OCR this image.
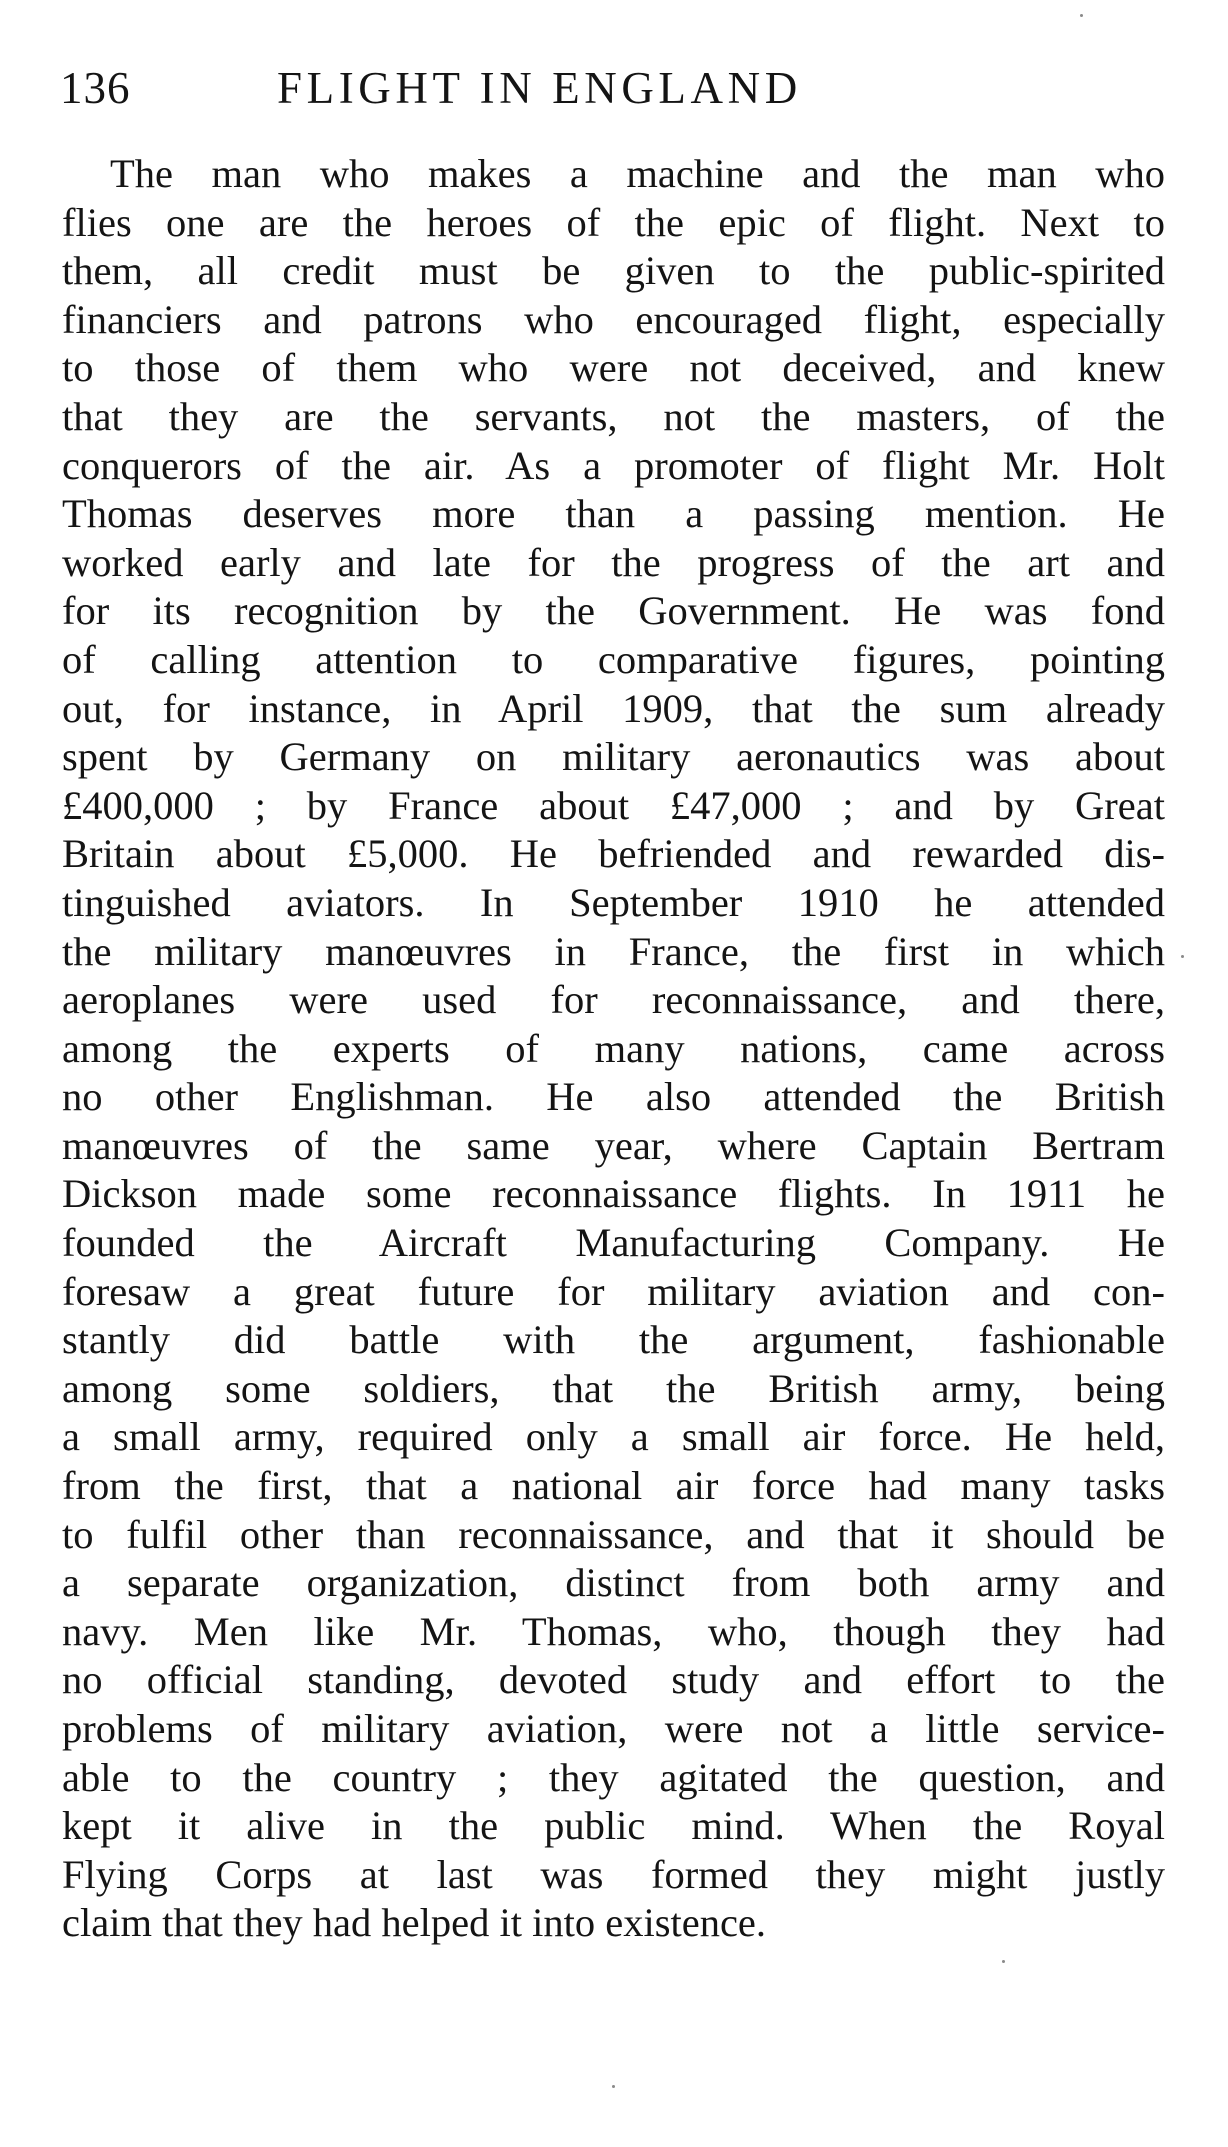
136	FLIGHT IN ENGLAND
The man who makes a machine and the man who
flies one are the heroes of the epic of flight. Next to
them, all credit must be given to the public-spirited
financiers and patrons who encouraged flight, especially
to those of them who were not deceived, and knew
that they are the servants, not the masters, of the
conquerors of the air. As a promoter of flight Mr. Holt
Thomas deserves more than a passing mention. He
worked early and late for the progress of the art and
for its recognition by the Government. He was fond
of calling attention to comparative figures, pointing
out, for instance, in April 1909, that the sum already
spent by Germany on military aeronautics was about
£400,000 ; by France about £47,000 ; and by Great
Britain about £5,000. He befriended and rewarded dis-
tinguished aviators. In September 1910 he attended
the military manœuvres in France, the first in which
aeroplanes were used for reconnaissance, and there,
among the experts of many nations, came across
no other Englishman. He also attended the British
manœuvres of the same year, where Captain Bertram
Dickson made some reconnaissance flights. In 1911 he
founded the Aircraft Manufacturing Company. He
foresaw a great future for military aviation and con-
stantly did battle with the argument, fashionable
among some soldiers, that the British army, being
a small army, required only a small air force. He held,
from the first, that a national air force had many tasks
to fulfil other than reconnaissance, and that it should be
a separate organization, distinct from both army and
navy. Men like Mr. Thomas, who, though they had
no official standing, devoted study and effort to the
problems of military aviation, were not a little service-
able to the country ; they agitated the question, and
kept it alive in the public mind. When the Royal
Flying Corps at last was formed they might justly
claim that they had helped it into existence.
